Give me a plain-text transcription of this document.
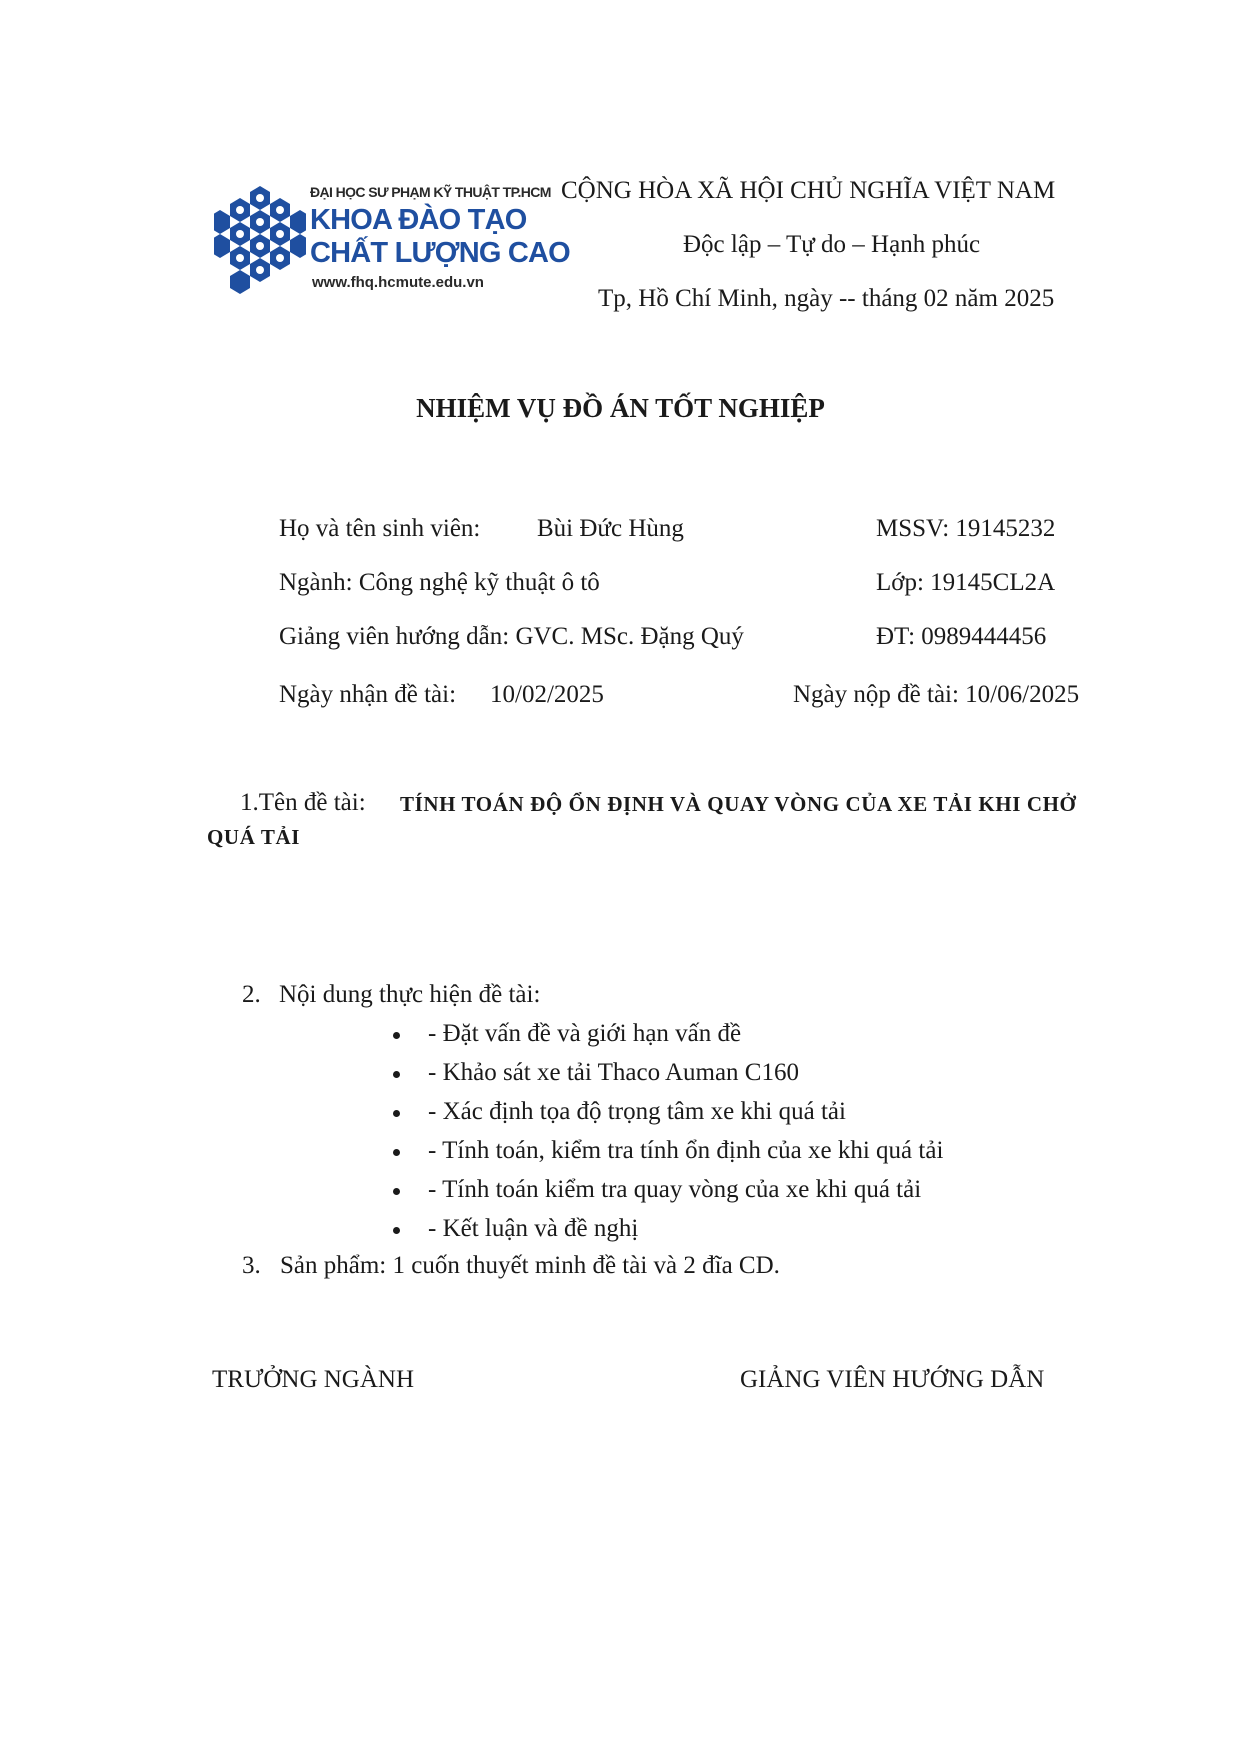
ĐẠI HỌC SƯ PHẠM KỸ THUẬT TP.HCM
KHOA ĐÀO TẠO
CHẤT LƯỢNG CAO
www.fhq.hcmute.edu.vn
CỘNG HÒA XÃ HỘI CHỦ NGHĨA VIỆT NAM
Độc lập – Tự do – Hạnh phúc
Tp, Hồ Chí Minh, ngày -- tháng 02 năm 2025
NHIỆM VỤ ĐỒ ÁN TỐT NGHIỆP
Họ và tên sinh viên: Bùi Đức Hùng	MSSV: 19145232
Ngành: Công nghệ kỹ thuật ô tô	Lớp: 19145CL2A
Giảng viên hướng dẫn: GVC. MSc. Đặng Quý	ĐT: 0989444456
Ngày nhận đề tài: 10/02/2025	Ngày nộp đề tài: 10/06/2025
1.Tên đề tài: TÍNH TOÁN ĐỘ ỔN ĐỊNH VÀ QUAY VÒNG CỦA XE TẢI KHI CHỞ
QUÁ TẢI
2. Nội dung thực hiện đề tài:
- Đặt vấn đề và giới hạn vấn đề
- Khảo sát xe tải Thaco Auman C160
- Xác định tọa độ trọng tâm xe khi quá tải
- Tính toán, kiểm tra tính ổn định của xe khi quá tải
- Tính toán kiểm tra quay vòng của xe khi quá tải
- Kết luận và đề nghị
3. Sản phẩm: 1 cuốn thuyết minh đề tài và 2 đĩa CD.
TRƯỞNG NGÀNH	GIẢNG VIÊN HƯỚNG DẪN
